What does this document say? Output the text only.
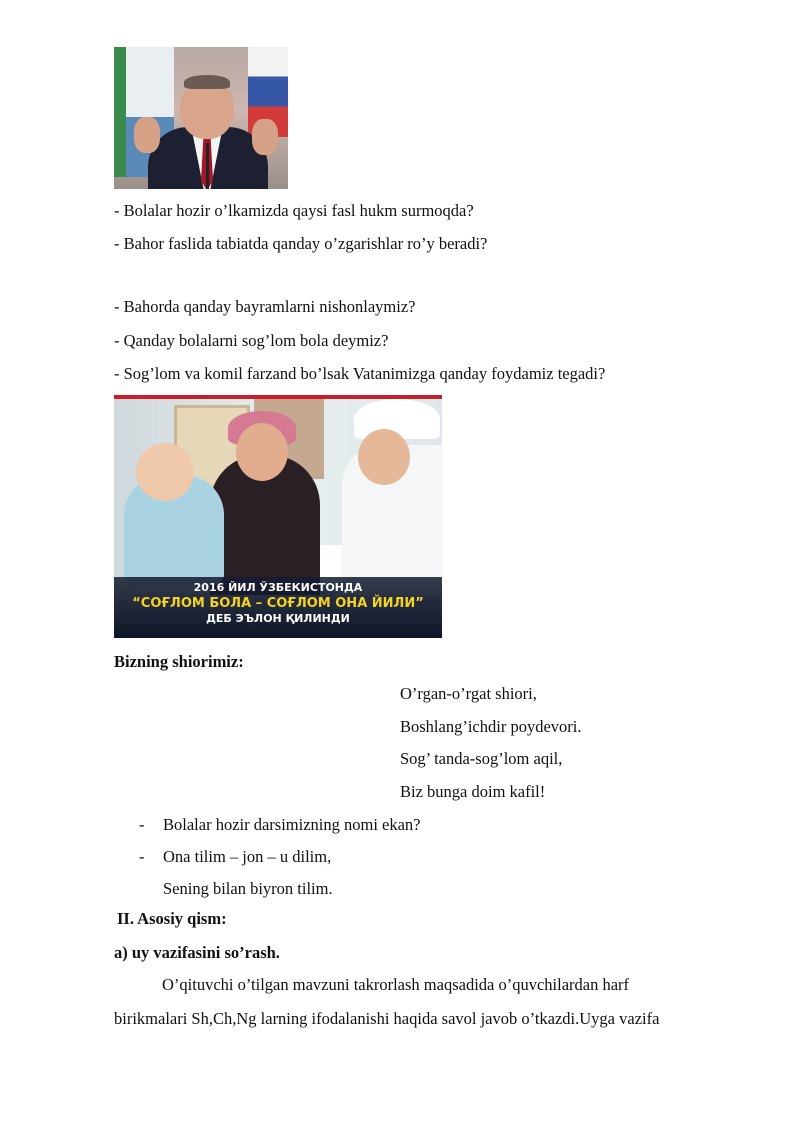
- Bolalar hozir o’lkamizda qaysi fasl hukm surmoqda?
- Bahor faslida tabiatda qanday o’zgarishlar ro’y beradi?
- Bahorda qanday bayramlarni nishonlaymiz?
- Qanday bolalarni sog’lom bola deymiz?
- Sog’lom va komil farzand bo’lsak Vatanimizga qanday foydamiz tegadi?
2016 ЙИЛ ЎЗБЕКИСТОНДА
“СОҒЛОМ БОЛА – СОҒЛОМ ОНА ЙИЛИ”
ДЕБ ЭЪЛОН ҚИЛИНДИ
Bizning shiorimiz:
O’rgan-o’rgat shiori,
Boshlang’ichdir poydevori.
Sog’ tanda-sog’lom aqil,
Biz bunga doim kafil!
- Bolalar hozir darsimizning nomi ekan?
- Ona tilim – jon – u dilim,
Sening bilan biyron tilim.
II. Asosiy qism:
a) uy vazifasini so’rash.
O’qituvchi o’tilgan mavzuni takrorlash maqsadida o’quvchilardan harf
birikmalari Sh,Ch,Ng larning ifodalanishi haqida savol javob o’tkazdi.Uyga vazifa
